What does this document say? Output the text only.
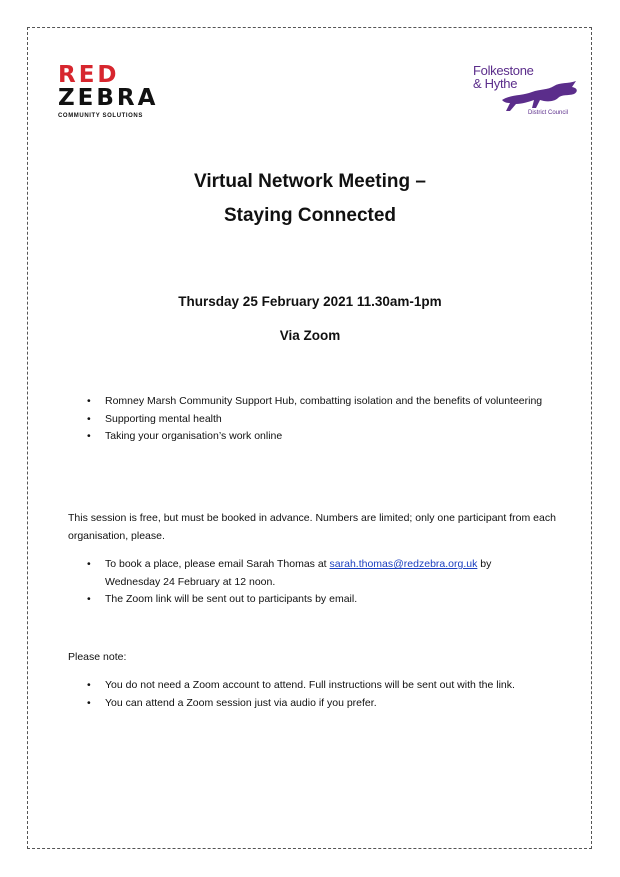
RED
ZEBRA
COMMUNITY SOLUTIONS
Folkestone
& Hythe
District Council
Virtual Network Meeting –
Staying Connected
Thursday 25 February 2021 11.30am-1pm
Via Zoom
• Romney Marsh Community Support Hub, combatting isolation and the benefits of volunteering
• Supporting mental health
• Taking your organisation’s work online

This session is free, but must be booked in advance. Numbers are limited; only one participant from each organisation, please.

• To book a place, please email Sarah Thomas at sarah.thomas@redzebra.org.uk by Wednesday 24 February at 12 noon.
• The Zoom link will be sent out to participants by email.

Please note:

• You do not need a Zoom account to attend. Full instructions will be sent out with the link.
• You can attend a Zoom session just via audio if you prefer.
